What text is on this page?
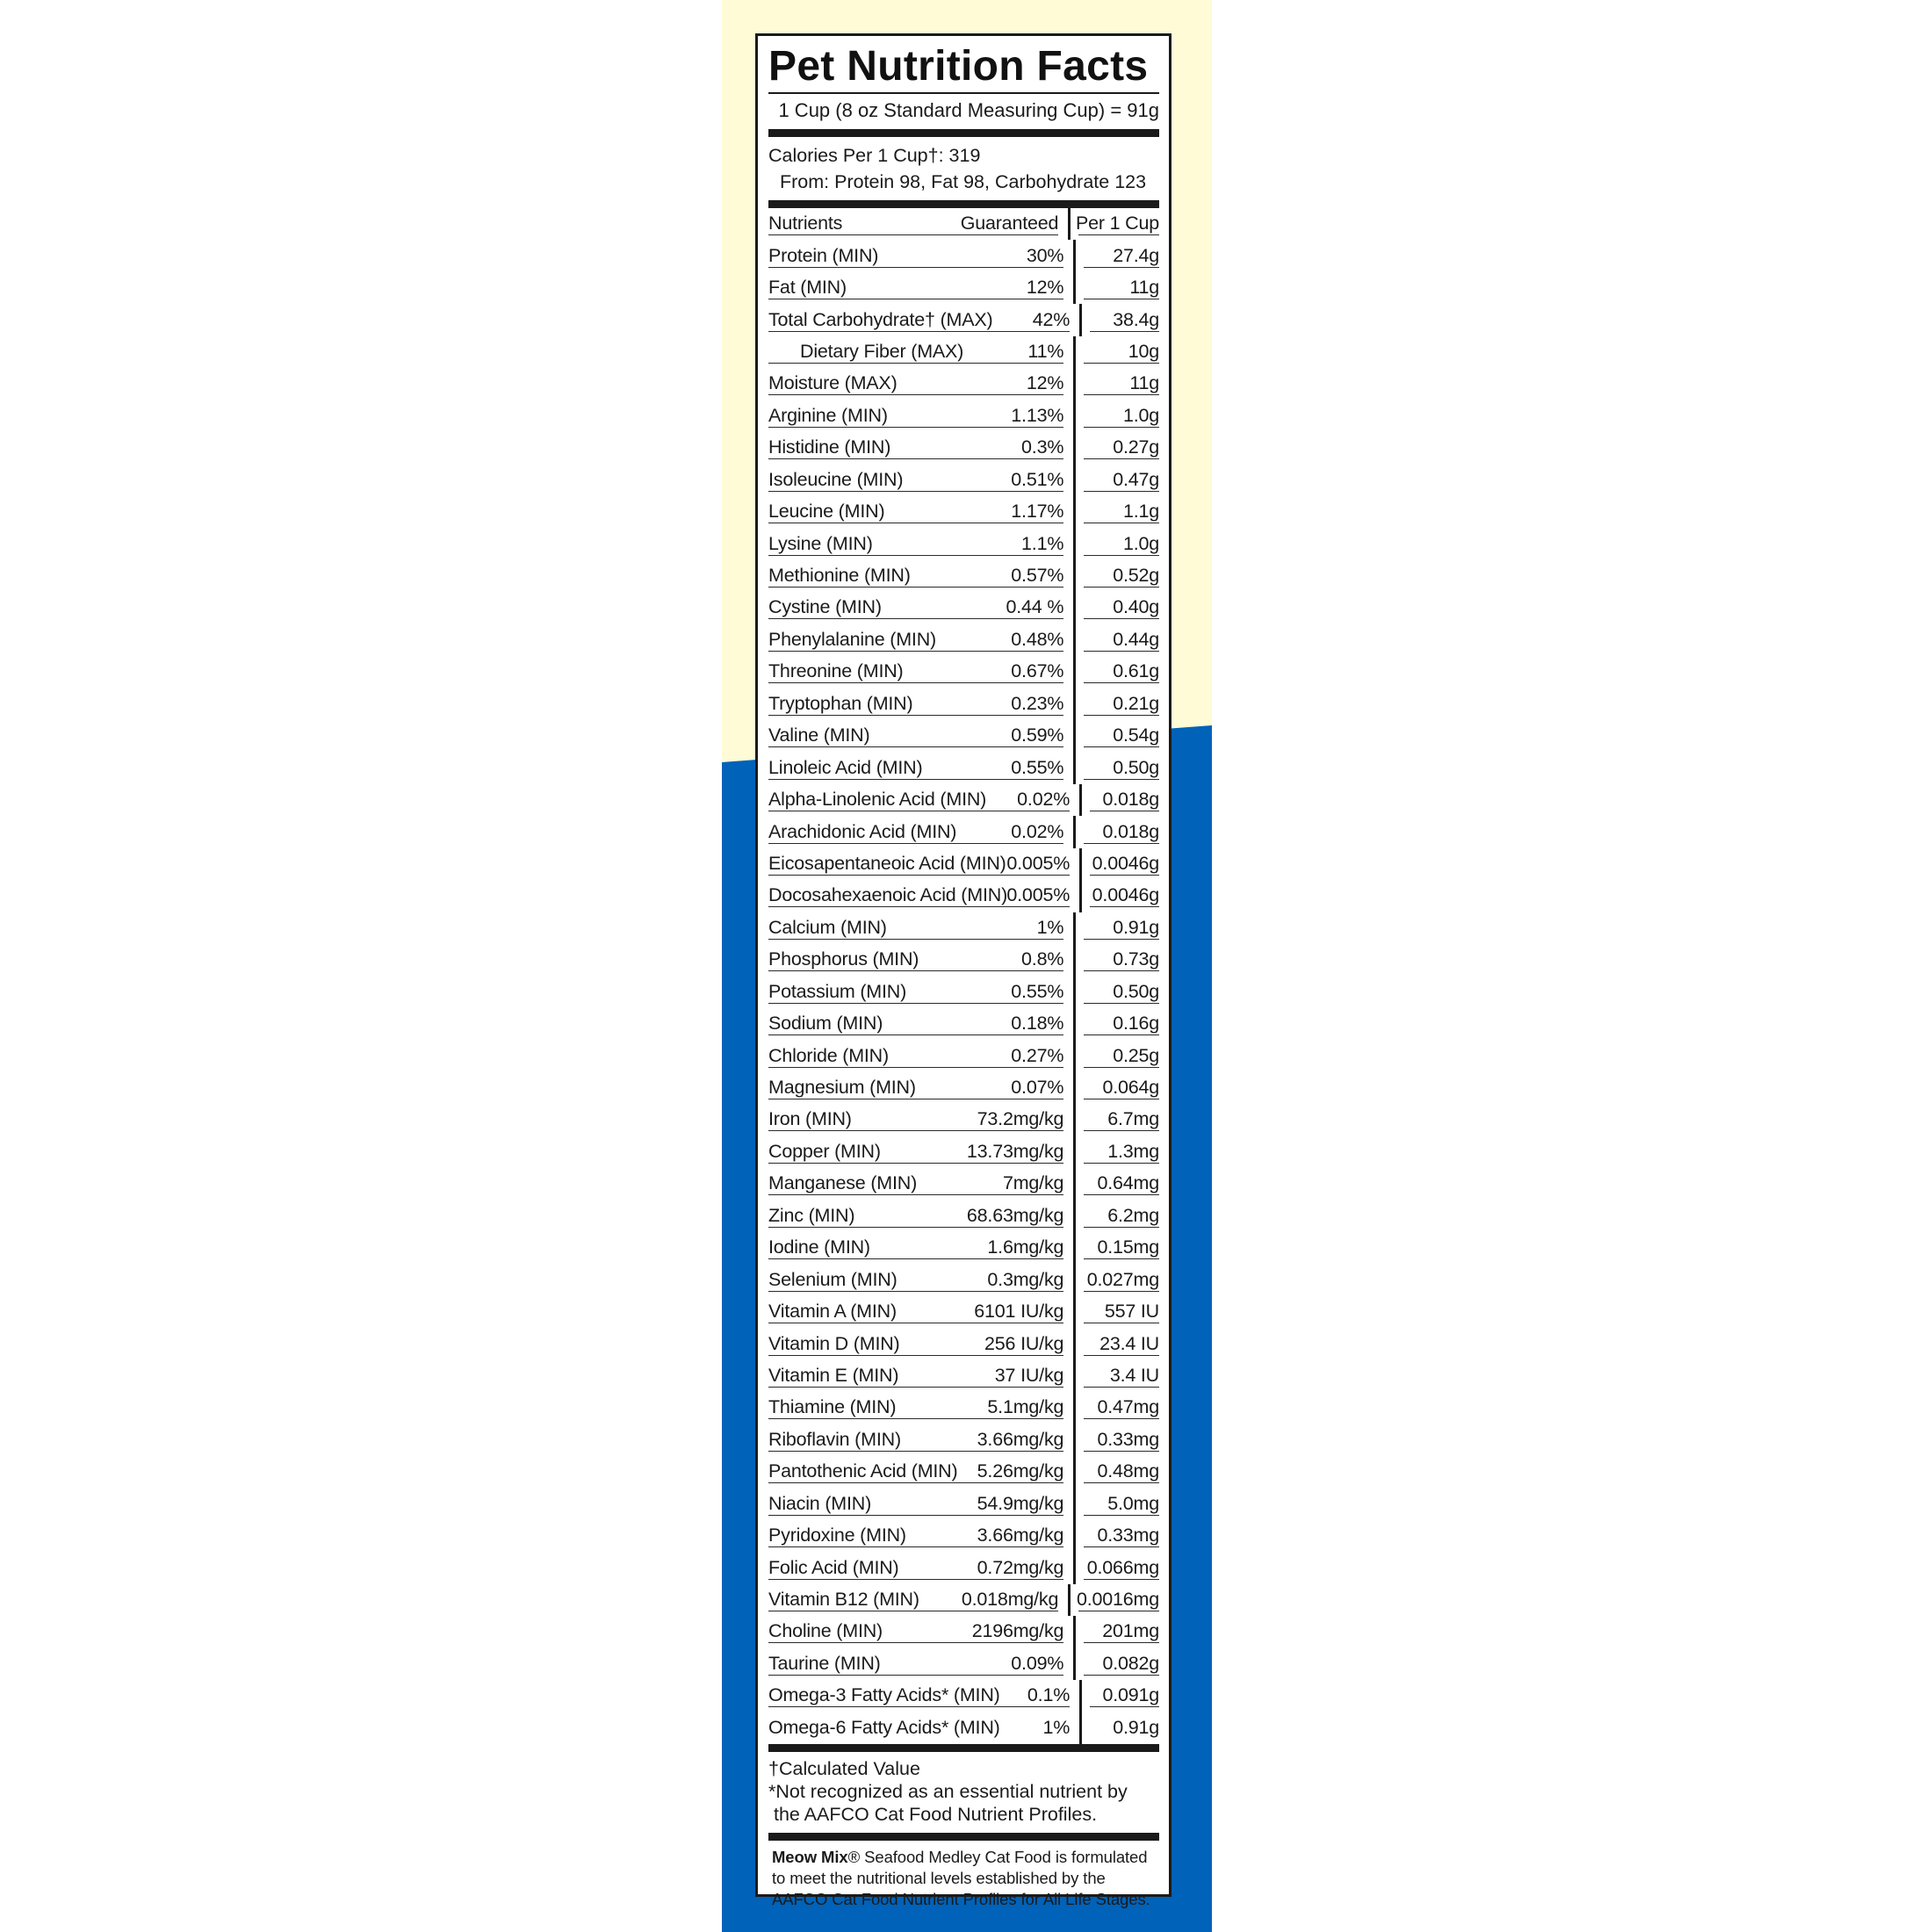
Pet Nutrition Facts
1 Cup (8 oz Standard Measuring Cup) = 91g
Calories Per 1 Cup†: 319
From: Protein 98, Fat 98, Carbohydrate 123
Nutrients	Guaranteed Per 1 Cup
Protein (MIN)	30%	27.4g
Fat (MIN)	12%	11g
Total Carbohydrate† (MAX)	42%	38.4g
Dietary Fiber (MAX)	11%	10g
Moisture (MAX)	12%	11g
Arginine (MIN)	1.13%	1.0g
Histidine (MIN)	0.3%	0.27g
Isoleucine (MIN)	0.51%	0.47g
Leucine (MIN)	1.17%	1.1g
Lysine (MIN)	1.1%	1.0g
Methionine (MIN)	0.57%	0.52g
Cystine (MIN)	0.44 %	0.40g
Phenylalanine (MIN)	0.48%	0.44g
Threonine (MIN)	0.67%	0.61g
Tryptophan (MIN)	0.23%	0.21g
Valine (MIN)	0.59%	0.54g
Linoleic Acid (MIN)	0.55%	0.50g
Alpha-Linolenic Acid (MIN)	0.02%	0.018g
Arachidonic Acid (MIN)	0.02%	0.018g
Eicosapentaneoic Acid (MIN) 0.005% 0.0046g
Docosahexaenoic Acid (MIN) 0.005% 0.0046g
Calcium (MIN)	1%	0.91g
Phosphorus (MIN)	0.8%	0.73g
Potassium (MIN)	0.55%	0.50g
Sodium (MIN)	0.18%	0.16g
Chloride (MIN)	0.27%	0.25g
Magnesium (MIN)	0.07%	0.064g
Iron (MIN)	73.2mg/kg	6.7mg
Copper (MIN)	13.73mg/kg	1.3mg
Manganese (MIN)	7mg/kg	0.64mg
Zinc (MIN)	68.63mg/kg	6.2mg
Iodine (MIN)	1.6mg/kg	0.15mg
Selenium (MIN)	0.3mg/kg 0.027mg
Vitamin A (MIN)	6101 IU/kg	557 IU
Vitamin D (MIN)	256 IU/kg	23.4 IU
Vitamin E (MIN)	37 IU/kg	3.4 IU
Thiamine (MIN)	5.1mg/kg	0.47mg
Riboflavin (MIN)	3.66mg/kg	0.33mg
Pantothenic Acid (MIN)	5.26mg/kg	0.48mg
Niacin (MIN)	54.9mg/kg	5.0mg
Pyridoxine (MIN)	3.66mg/kg	0.33mg
Folic Acid (MIN)	0.72mg/kg 0.066mg
Vitamin B12 (MIN) 0.018mg/kg 0.0016mg
Choline (MIN)	2196mg/kg	201mg
Taurine (MIN)	0.09%	0.082g
Omega-3 Fatty Acids* (MIN)	0.1%	0.091g
Omega-6 Fatty Acids* (MIN)	1%	0.91g
†Calculated Value
*Not recognized as an essential nutrient by
the AAFCO Cat Food Nutrient Profiles.
Meow Mix® Seafood Medley Cat Food is formulated
to meet the nutritional levels established by the
AAFCO Cat Food Nutrient Profiles for All Life Stages.
